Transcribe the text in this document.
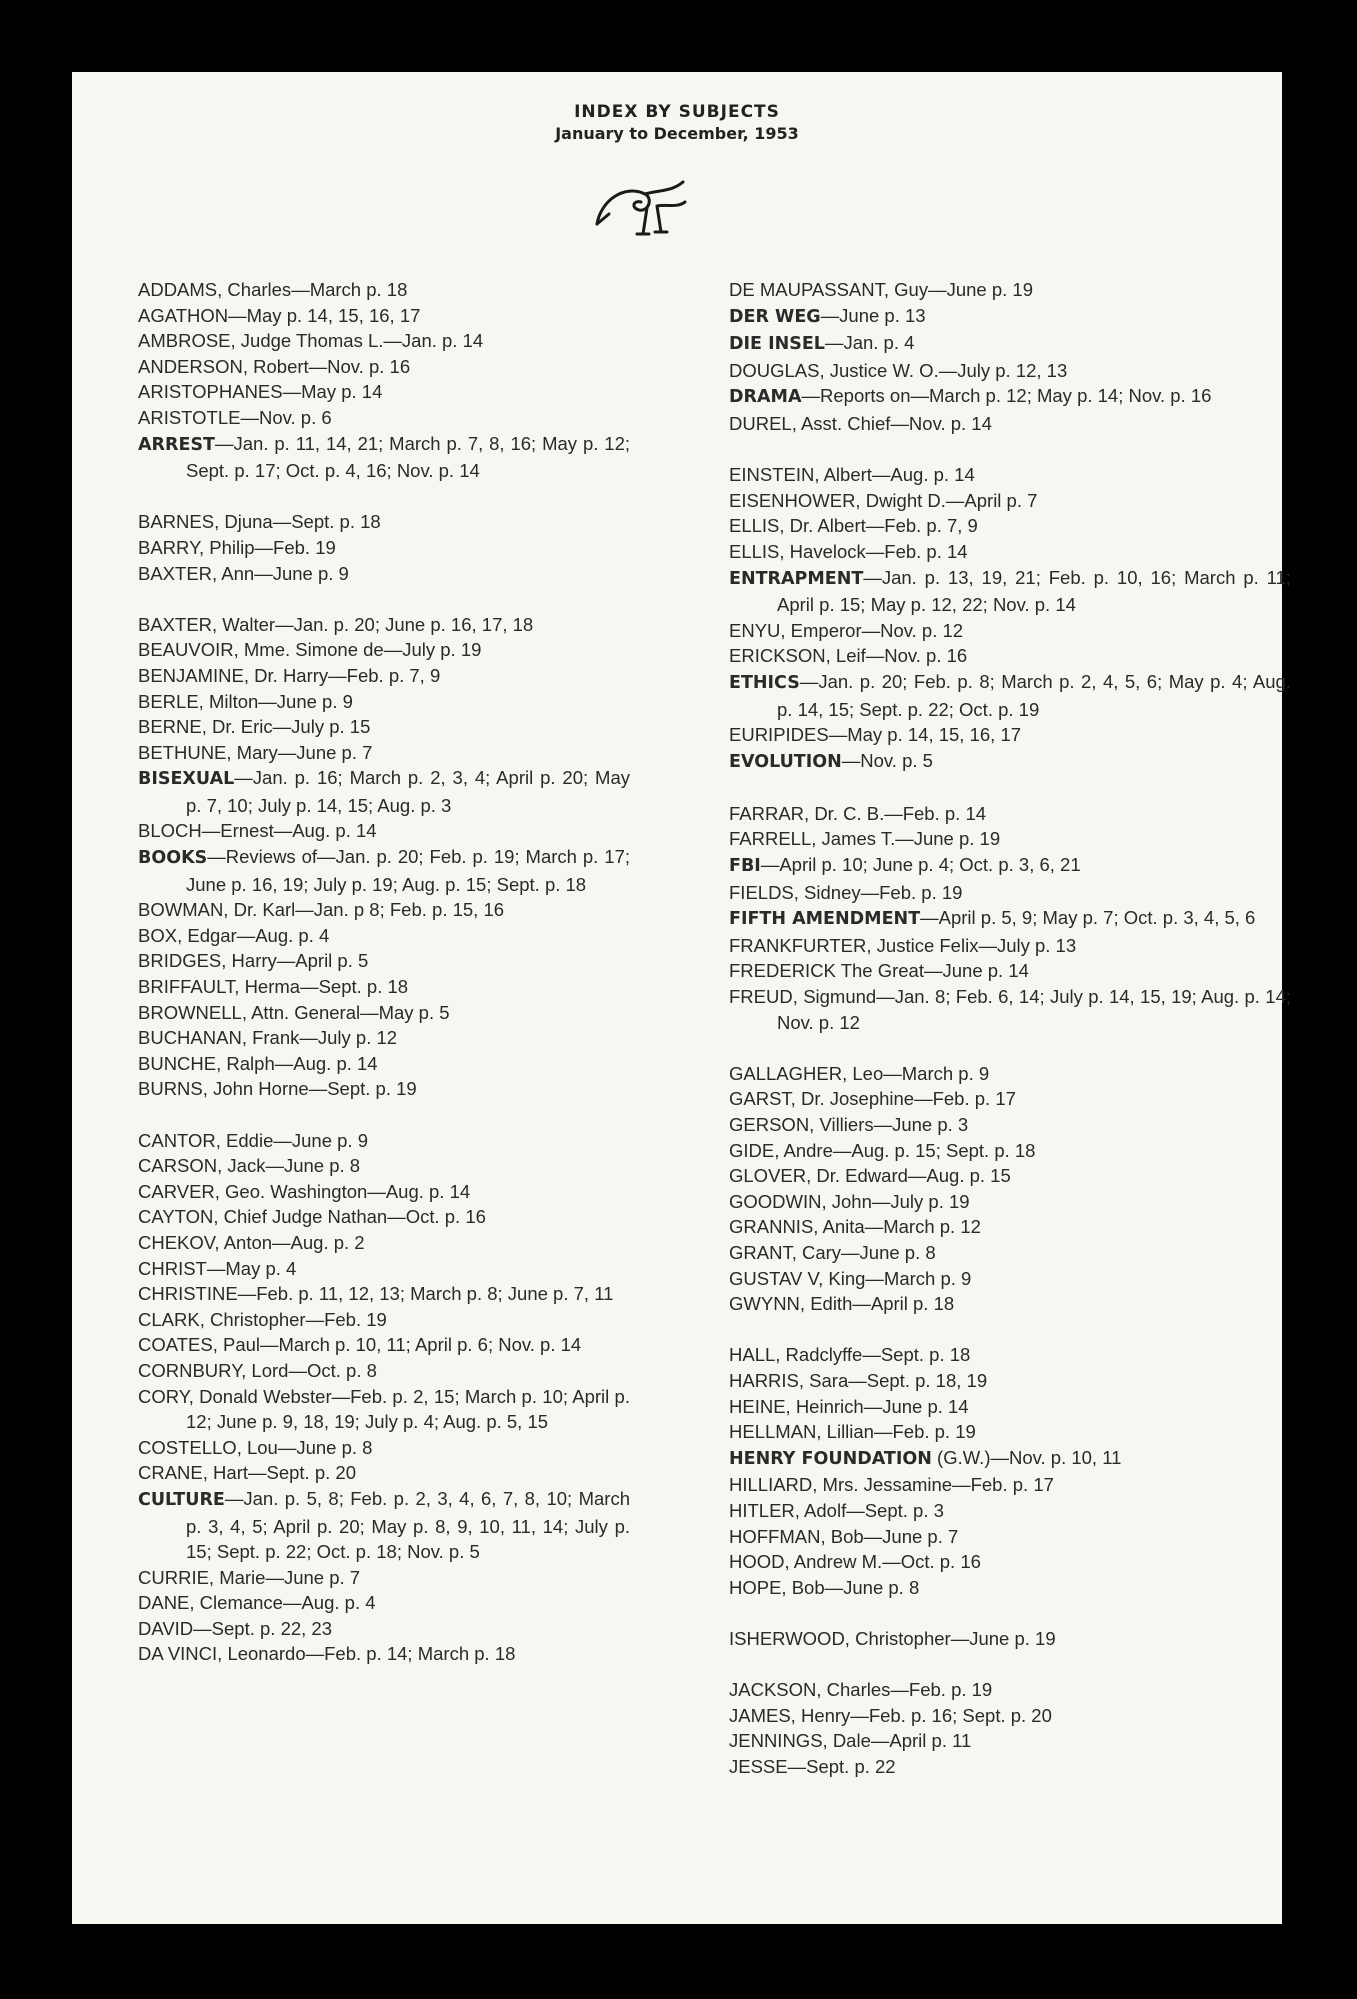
INDEX BY SUBJECTS
January to December, 1953
ADDAMS, Charles—March p. 18
AGATHON—May p. 14, 15, 16, 17
AMBROSE, Judge Thomas L.—Jan. p. 14
ANDERSON, Robert—Nov. p. 16
ARISTOPHANES—May p. 14
ARISTOTLE—Nov. p. 6
ARREST—Jan. p. 11, 14, 21; March p. 7, 8, 16; May p. 12; Sept. p. 17; Oct. p. 4, 16; Nov. p. 14
BARNES, Djuna—Sept. p. 18
BARRY, Philip—Feb. 19
BAXTER, Ann—June p. 9
BAXTER, Walter—Jan. p. 20; June p. 16, 17, 18
BEAUVOIR, Mme. Simone de—July p. 19
BENJAMINE, Dr. Harry—Feb. p. 7, 9
BERLE, Milton—June p. 9
BERNE, Dr. Eric—July p. 15
BETHUNE, Mary—June p. 7
BISEXUAL—Jan. p. 16; March p. 2, 3, 4; April p. 20; May p. 7, 10; July p. 14, 15; Aug. p. 3
BLOCH—Ernest—Aug. p. 14
BOOKS—Reviews of—Jan. p. 20; Feb. p. 19; March p. 17; June p. 16, 19; July p. 19; Aug. p. 15; Sept. p. 18
BOWMAN, Dr. Karl—Jan. p 8; Feb. p. 15, 16
BOX, Edgar—Aug. p. 4
BRIDGES, Harry—April p. 5
BRIFFAULT, Herma—Sept. p. 18
BROWNELL, Attn. General—May p. 5
BUCHANAN, Frank—July p. 12
BUNCHE, Ralph—Aug. p. 14
BURNS, John Horne—Sept. p. 19
CANTOR, Eddie—June p. 9
CARSON, Jack—June p. 8
CARVER, Geo. Washington—Aug. p. 14
CAYTON, Chief Judge Nathan—Oct. p. 16
CHEKOV, Anton—Aug. p. 2
CHRIST—May p. 4
CHRISTINE—Feb. p. 11, 12, 13; March p. 8; June p. 7, 11
CLARK, Christopher—Feb. 19
COATES, Paul—March p. 10, 11; April p. 6; Nov. p. 14
CORNBURY, Lord—Oct. p. 8
CORY, Donald Webster—Feb. p. 2, 15; March p. 10; April p. 12; June p. 9, 18, 19; July p. 4; Aug. p. 5, 15
COSTELLO, Lou—June p. 8
CRANE, Hart—Sept. p. 20
CULTURE—Jan. p. 5, 8; Feb. p. 2, 3, 4, 6, 7, 8, 10; March p. 3, 4, 5; April p. 20; May p. 8, 9, 10, 11, 14; July p. 15; Sept. p. 22; Oct. p. 18; Nov. p. 5
CURRIE, Marie—June p. 7
DANE, Clemance—Aug. p. 4
DAVID—Sept. p. 22, 23
DA VINCI, Leonardo—Feb. p. 14; March p. 18
DE MAUPASSANT, Guy—June p. 19
DER WEG—June p. 13
DIE INSEL—Jan. p. 4
DOUGLAS, Justice W. O.—July p. 12, 13
DRAMA—Reports on—March p. 12; May p. 14; Nov. p. 16
DUREL, Asst. Chief—Nov. p. 14
EINSTEIN, Albert—Aug. p. 14
EISENHOWER, Dwight D.—April p. 7
ELLIS, Dr. Albert—Feb. p. 7, 9
ELLIS, Havelock—Feb. p. 14
ENTRAPMENT—Jan. p. 13, 19, 21; Feb. p. 10, 16; March p. 11; April p. 15; May p. 12, 22; Nov. p. 14
ENYU, Emperor—Nov. p. 12
ERICKSON, Leif—Nov. p. 16
ETHICS—Jan. p. 20; Feb. p. 8; March p. 2, 4, 5, 6; May p. 4; Aug. p. 14, 15; Sept. p. 22; Oct. p. 19
EURIPIDES—May p. 14, 15, 16, 17
EVOLUTION—Nov. p. 5
FARRAR, Dr. C. B.—Feb. p. 14
FARRELL, James T.—June p. 19
FBI—April p. 10; June p. 4; Oct. p. 3, 6, 21
FIELDS, Sidney—Feb. p. 19
FIFTH AMENDMENT—April p. 5, 9; May p. 7; Oct. p. 3, 4, 5, 6
FRANKFURTER, Justice Felix—July p. 13
FREDERICK The Great—June p. 14
FREUD, Sigmund—Jan. 8; Feb. 6, 14; July p. 14, 15, 19; Aug. p. 14; Nov. p. 12
GALLAGHER, Leo—March p. 9
GARST, Dr. Josephine—Feb. p. 17
GERSON, Villiers—June p. 3
GIDE, Andre—Aug. p. 15; Sept. p. 18
GLOVER, Dr. Edward—Aug. p. 15
GOODWIN, John—July p. 19
GRANNIS, Anita—March p. 12
GRANT, Cary—June p. 8
GUSTAV V, King—March p. 9
GWYNN, Edith—April p. 18
HALL, Radclyffe—Sept. p. 18
HARRIS, Sara—Sept. p. 18, 19
HEINE, Heinrich—June p. 14
HELLMAN, Lillian—Feb. p. 19
HENRY FOUNDATION (G.W.)—Nov. p. 10, 11
HILLIARD, Mrs. Jessamine—Feb. p. 17
HITLER, Adolf—Sept. p. 3
HOFFMAN, Bob—June p. 7
HOOD, Andrew M.—Oct. p. 16
HOPE, Bob—June p. 8
ISHERWOOD, Christopher—June p. 19
JACKSON, Charles—Feb. p. 19
JAMES, Henry—Feb. p. 16; Sept. p. 20
JENNINGS, Dale—April p. 11
JESSE—Sept. p. 22
